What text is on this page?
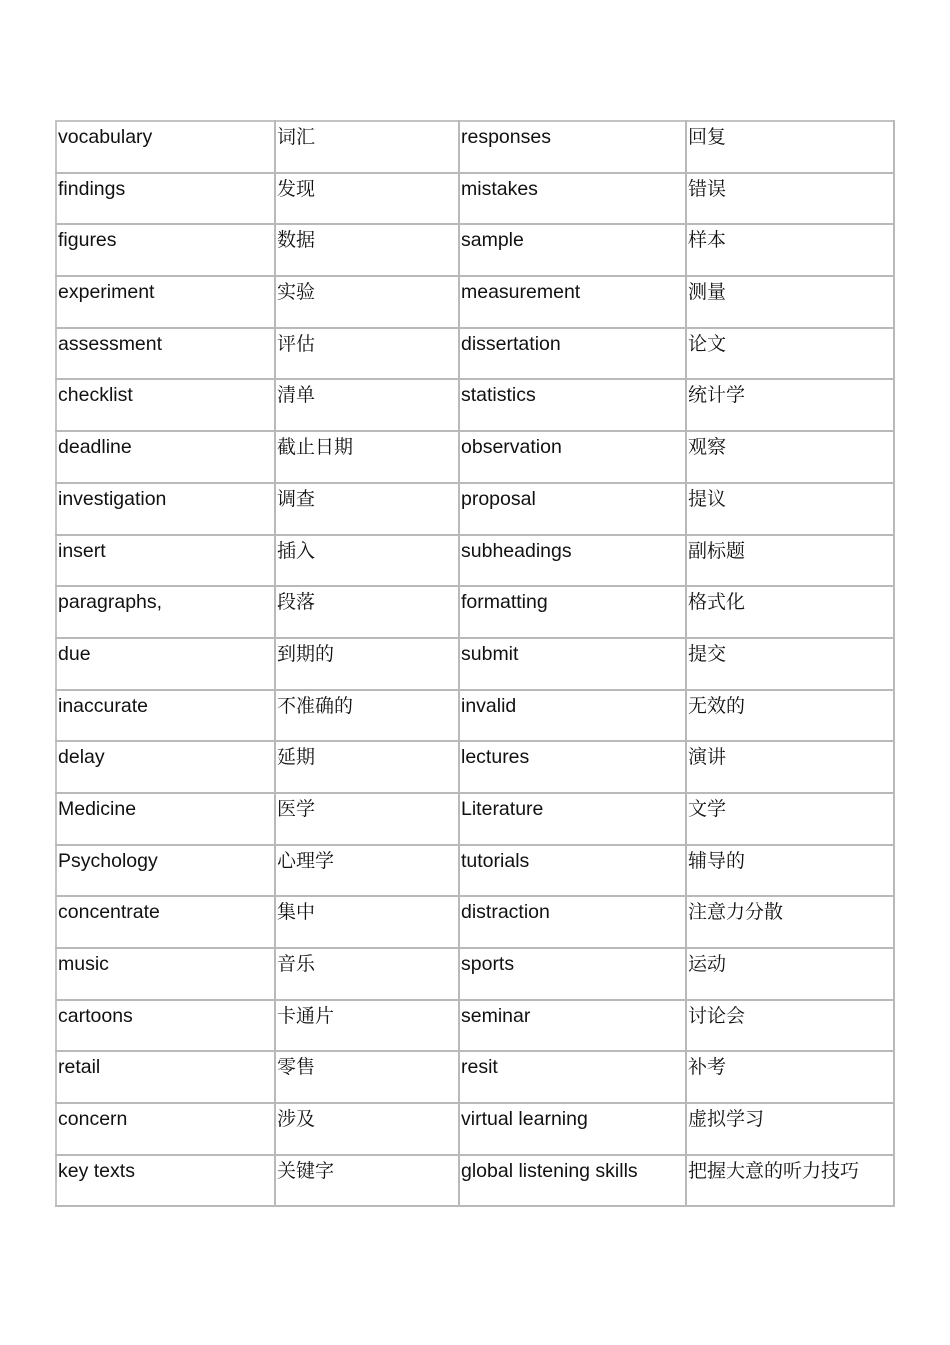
vocabulary	词汇	responses	回复
findings	发现	mistakes	错误
figures	数据	sample	样本
experiment	实验	measurement	测量
assessment	评估	dissertation	论文
checklist	清单	statistics	统计学
deadline	截止日期	observation	观察
investigation	调查	proposal	提议
insert	插入	subheadings	副标题
paragraphs,	段落	formatting	格式化
due	到期的	submit	提交
inaccurate	不准确的	invalid	无效的
delay	延期	lectures	演讲
Medicine	医学	Literature	文学
Psychology	心理学	tutorials	辅导的
concentrate	集中	distraction	注意力分散
music	音乐	sports	运动
cartoons	卡通片	seminar	讨论会
retail	零售	resit	补考
concern	涉及	virtual learning	虚拟学习
key texts	关键字	global listening skills	把握大意的听力技巧
